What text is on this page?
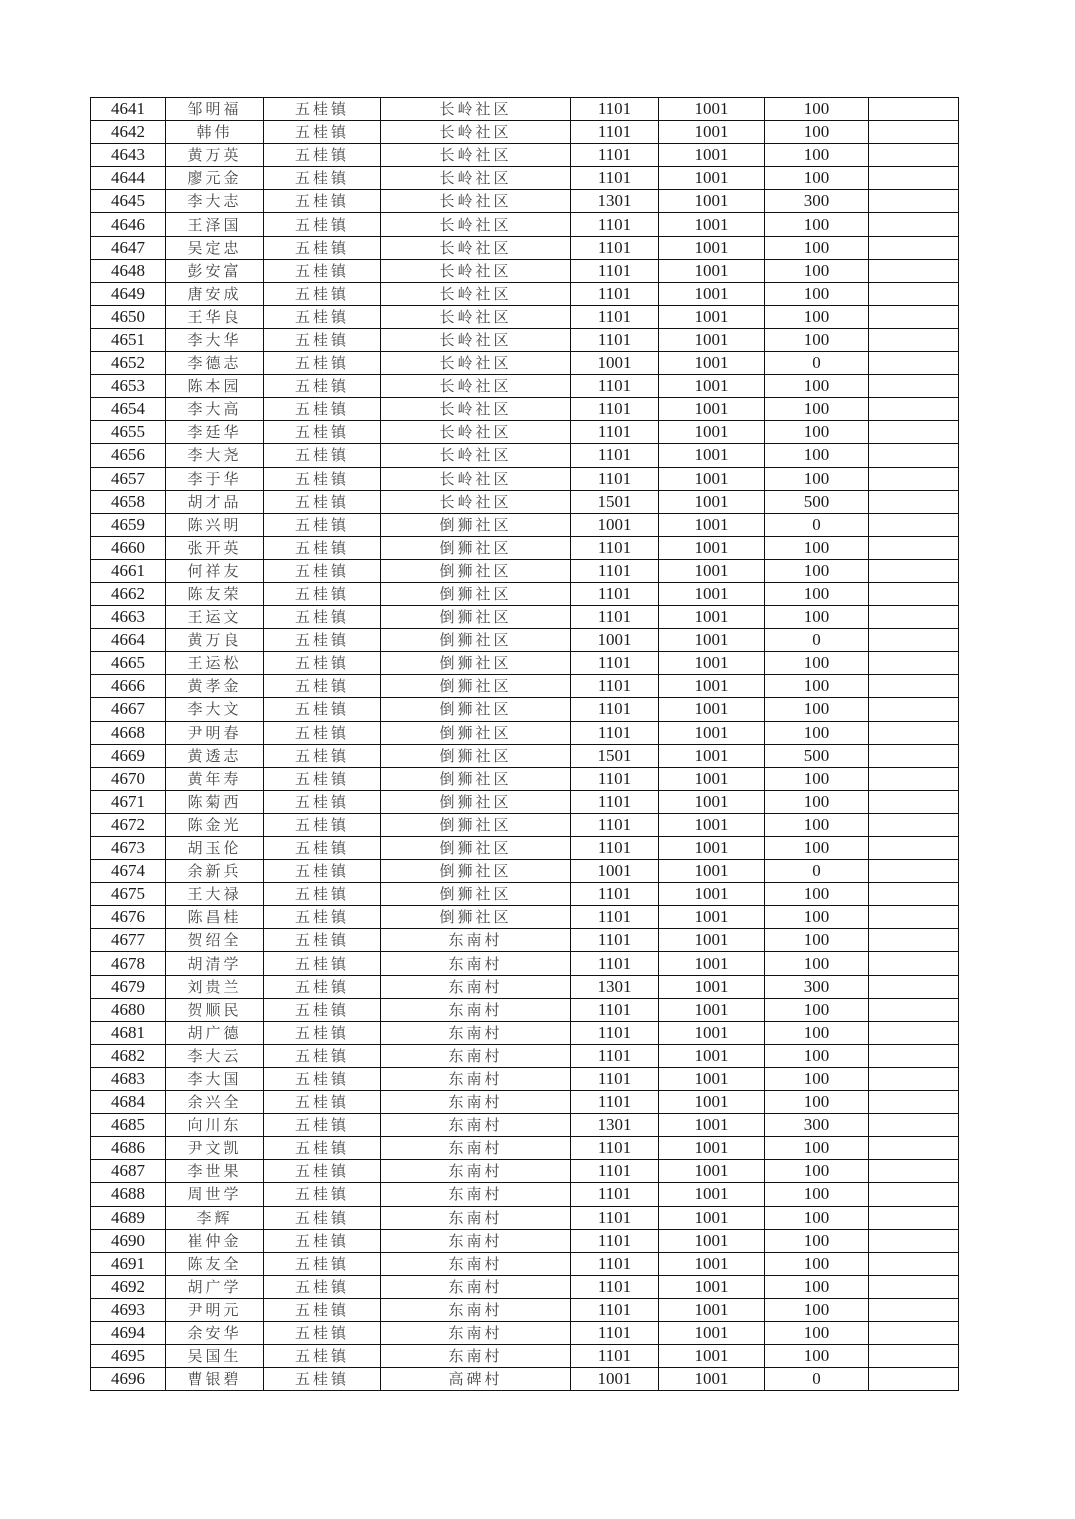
4641	邹明福	五桂镇	长岭社区	1101	1001	100	
4642	韩伟	五桂镇	长岭社区	1101	1001	100	
4643	黄万英	五桂镇	长岭社区	1101	1001	100	
4644	廖元金	五桂镇	长岭社区	1101	1001	100	
4645	李大志	五桂镇	长岭社区	1301	1001	300	
4646	王泽国	五桂镇	长岭社区	1101	1001	100	
4647	吴定忠	五桂镇	长岭社区	1101	1001	100	
4648	彭安富	五桂镇	长岭社区	1101	1001	100	
4649	唐安成	五桂镇	长岭社区	1101	1001	100	
4650	王华良	五桂镇	长岭社区	1101	1001	100	
4651	李大华	五桂镇	长岭社区	1101	1001	100	
4652	李德志	五桂镇	长岭社区	1001	1001	0	
4653	陈本园	五桂镇	长岭社区	1101	1001	100	
4654	李大高	五桂镇	长岭社区	1101	1001	100	
4655	李廷华	五桂镇	长岭社区	1101	1001	100	
4656	李大尧	五桂镇	长岭社区	1101	1001	100	
4657	李于华	五桂镇	长岭社区	1101	1001	100	
4658	胡才品	五桂镇	长岭社区	1501	1001	500	
4659	陈兴明	五桂镇	倒狮社区	1001	1001	0	
4660	张开英	五桂镇	倒狮社区	1101	1001	100	
4661	何祥友	五桂镇	倒狮社区	1101	1001	100	
4662	陈友荣	五桂镇	倒狮社区	1101	1001	100	
4663	王运文	五桂镇	倒狮社区	1101	1001	100	
4664	黄万良	五桂镇	倒狮社区	1001	1001	0	
4665	王运松	五桂镇	倒狮社区	1101	1001	100	
4666	黄孝金	五桂镇	倒狮社区	1101	1001	100	
4667	李大文	五桂镇	倒狮社区	1101	1001	100	
4668	尹明春	五桂镇	倒狮社区	1101	1001	100	
4669	黄透志	五桂镇	倒狮社区	1501	1001	500	
4670	黄年寿	五桂镇	倒狮社区	1101	1001	100	
4671	陈菊西	五桂镇	倒狮社区	1101	1001	100	
4672	陈金光	五桂镇	倒狮社区	1101	1001	100	
4673	胡玉伦	五桂镇	倒狮社区	1101	1001	100	
4674	余新兵	五桂镇	倒狮社区	1001	1001	0	
4675	王大禄	五桂镇	倒狮社区	1101	1001	100	
4676	陈昌桂	五桂镇	倒狮社区	1101	1001	100	
4677	贺绍全	五桂镇	东南村	1101	1001	100	
4678	胡清学	五桂镇	东南村	1101	1001	100	
4679	刘贵兰	五桂镇	东南村	1301	1001	300	
4680	贺顺民	五桂镇	东南村	1101	1001	100	
4681	胡广德	五桂镇	东南村	1101	1001	100	
4682	李大云	五桂镇	东南村	1101	1001	100	
4683	李大国	五桂镇	东南村	1101	1001	100	
4684	余兴全	五桂镇	东南村	1101	1001	100	
4685	向川东	五桂镇	东南村	1301	1001	300	
4686	尹文凯	五桂镇	东南村	1101	1001	100	
4687	李世果	五桂镇	东南村	1101	1001	100	
4688	周世学	五桂镇	东南村	1101	1001	100	
4689	李辉	五桂镇	东南村	1101	1001	100	
4690	崔仲金	五桂镇	东南村	1101	1001	100	
4691	陈友全	五桂镇	东南村	1101	1001	100	
4692	胡广学	五桂镇	东南村	1101	1001	100	
4693	尹明元	五桂镇	东南村	1101	1001	100	
4694	余安华	五桂镇	东南村	1101	1001	100	
4695	吴国生	五桂镇	东南村	1101	1001	100	
4696	曹银碧	五桂镇	高碑村	1001	1001	0	
